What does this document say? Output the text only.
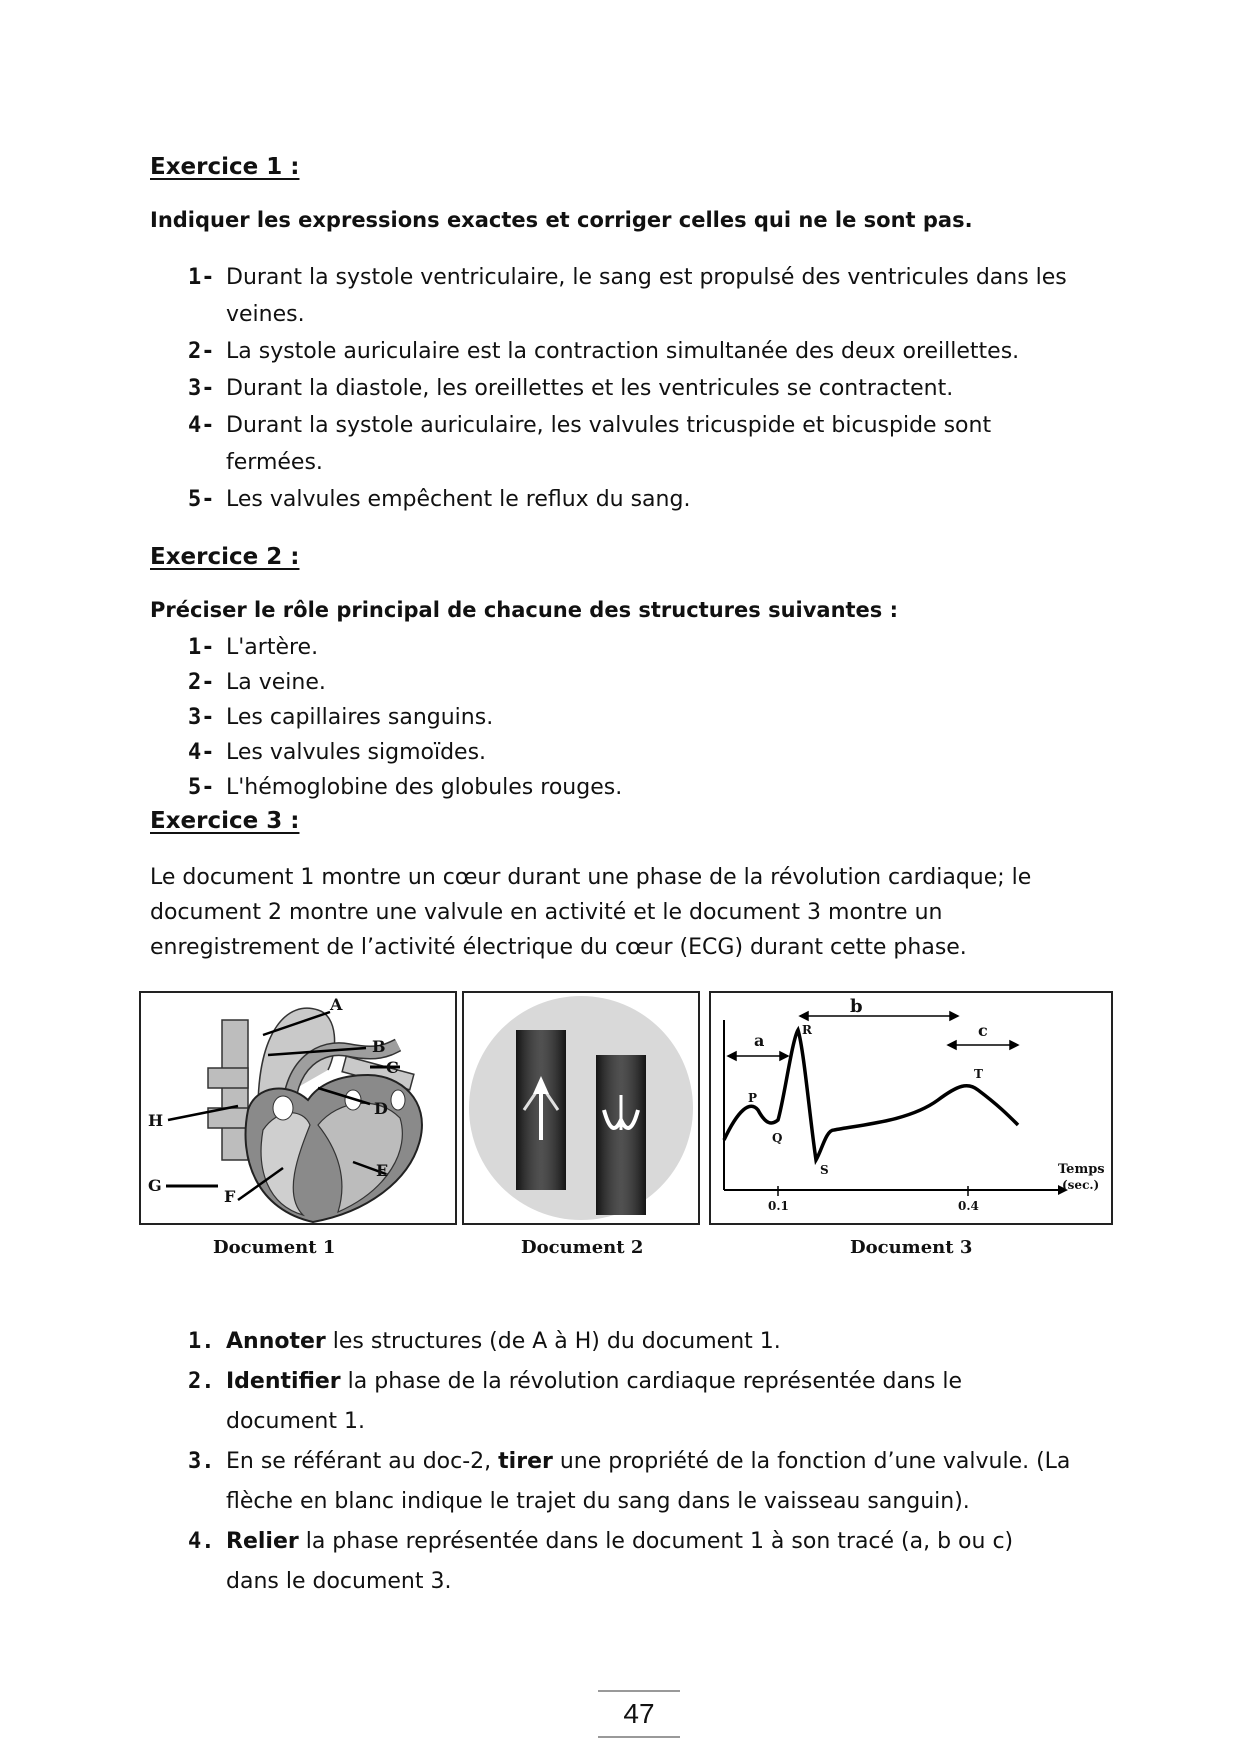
Exercice 1 :
Indiquer les expressions exactes et corriger celles qui ne le sont pas.
1- Durant la systole ventriculaire, le sang est propulsé des ventricules dans les veines.
2- La systole auriculaire est la contraction simultanée des deux oreillettes.
3- Durant la diastole, les oreillettes et les ventricules se contractent.
4- Durant la systole auriculaire, les valvules tricuspide et bicuspide sont fermées.
5- Les valvules empêchent le reflux du sang.
Exercice 2 :
Préciser le rôle principal de chacune des structures suivantes :
1- L'artère.
2- La veine.
3- Les capillaires sanguins.
4- Les valvules sigmoïdes.
5- L'hémoglobine des globules rouges.
Exercice 3 :
Le document 1 montre un cœur durant une phase de la révolution cardiaque; le document 2 montre une valvule en activité et le document 3 montre un enregistrement de l’activité électrique du cœur (ECG) durant cette phase.
A
B
C
D
E
F
G
H
a
b
c
P
Q
R
S
T
0.1	0.4
Temps
(sec.)
Document 1	Document 2	Document 3
1. Annoter les structures (de A à H) du document 1.
2. Identifier la phase de la révolution cardiaque représentée dans le document 1.
3. En se référant au doc-2, tirer une propriété de la fonction d’une valvule. (La flèche en blanc indique le trajet du sang dans le vaisseau sanguin).
4. Relier la phase représentée dans le document 1 à son tracé (a, b ou c) dans le document 3.
47
